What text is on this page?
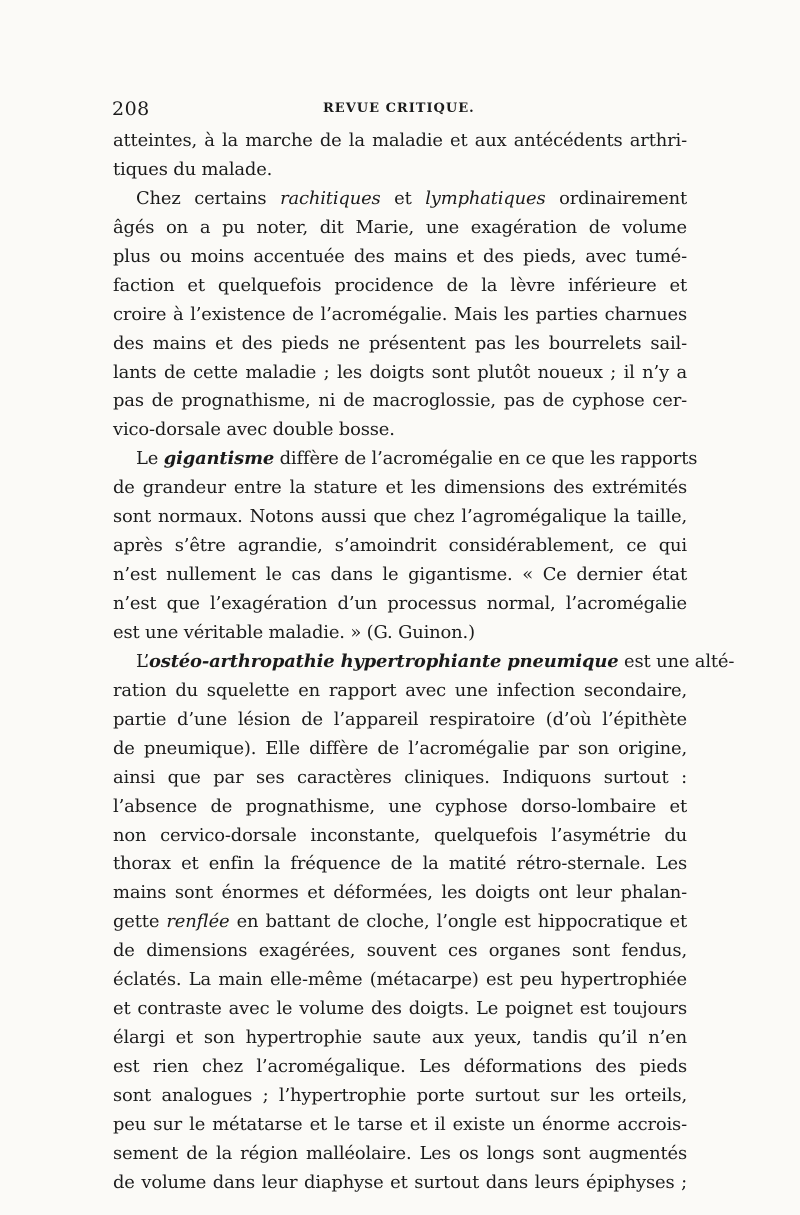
208	REVUE CRITIQUE.
atteintes, à la marche de la maladie et aux antécédents arthri-
tiques du malade.
Chez certains rachitiques et lymphatiques ordinairement
âgés on a pu noter, dit Marie, une exagération de volume
plus ou moins accentuée des mains et des pieds, avec tumé-
faction et quelquefois procidence de la lèvre inférieure et
croire à l’existence de l’acromégalie. Mais les parties charnues
des mains et des pieds ne présentent pas les bourrelets sail-
lants de cette maladie ; les doigts sont plutôt noueux ; il n’y a
pas de prognathisme, ni de macroglossie, pas de cyphose cer-
vico-dorsale avec double bosse.
Le gigantisme diffère de l’acromégalie en ce que les rapports
de grandeur entre la stature et les dimensions des extrémités
sont normaux. Notons aussi que chez l’agromégalique la taille,
après s’être agrandie, s’amoindrit considérablement, ce qui
n’est nullement le cas dans le gigantisme. « Ce dernier état
n’est que l’exagération d’un processus normal, l’acromégalie
est une véritable maladie. » (G. Guinon.)
L’ostéo-arthropathie hypertrophiante pneumique est une alté-
ration du squelette en rapport avec une infection secondaire,
partie d’une lésion de l’appareil respiratoire (d’où l’épithète
de pneumique). Elle diffère de l’acromégalie par son origine,
ainsi que par ses caractères cliniques. Indiquons surtout :
l’absence de prognathisme, une cyphose dorso-lombaire et
non cervico-dorsale inconstante, quelquefois l’asymétrie du
thorax et enfin la fréquence de la matité rétro-sternale. Les
mains sont énormes et déformées, les doigts ont leur phalan-
gette renflée en battant de cloche, l’ongle est hippocratique et
de dimensions exagérées, souvent ces organes sont fendus,
éclatés. La main elle-même (métacarpe) est peu hypertrophiée
et contraste avec le volume des doigts. Le poignet est toujours
élargi et son hypertrophie saute aux yeux, tandis qu’il n’en
est rien chez l’acromégalique. Les déformations des pieds
sont analogues ; l’hypertrophie porte surtout sur les orteils,
peu sur le métatarse et le tarse et il existe un énorme accrois-
sement de la région malléolaire. Les os longs sont augmentés
de volume dans leur diaphyse et surtout dans leurs épiphyses ;
